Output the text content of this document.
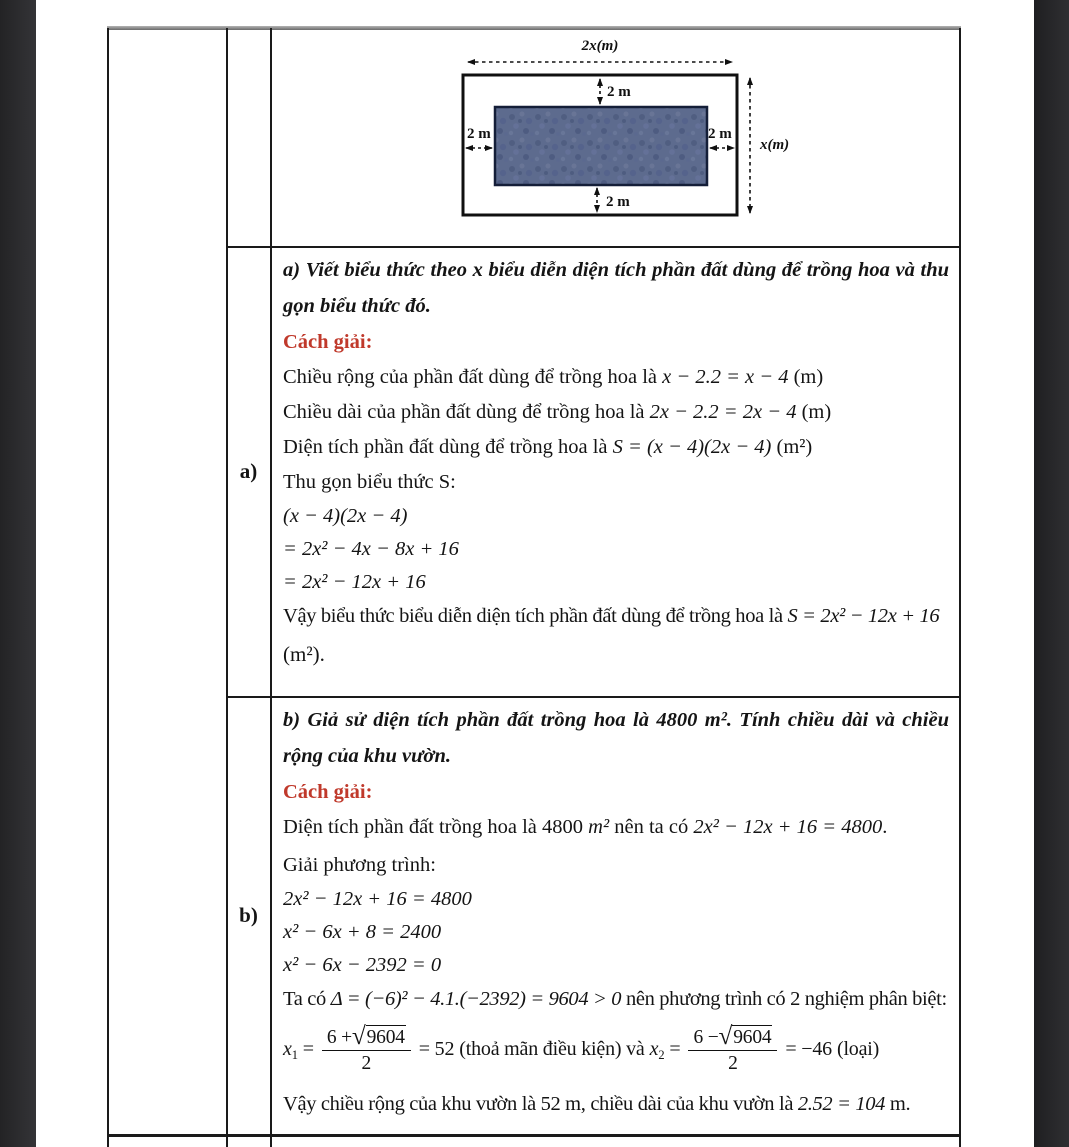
2x(m)
2 m
2 m	2 m
2 m
x(m)
a)
b)

a) Viết biểu thức theo x biểu diễn diện tích phần đất dùng để trồng hoa và thu gọn biểu thức đó.

Cách giải:

Chiều rộng của phần đất dùng để trồng hoa là x − 2.2 = x − 4 (m)

Chiều dài của phần đất dùng để trồng hoa là 2x − 2.2 = 2x − 4 (m)

Diện tích phần đất dùng để trồng hoa là S = (x − 4)(2x − 4) (m²)

Thu gọn biểu thức S:

(x − 4)(2x − 4)

= 2x² − 4x − 8x + 16

= 2x² − 12x + 16

Vậy biểu thức biểu diễn diện tích phần đất dùng để trồng hoa là S = 2x² − 12x + 16

(m²).

b) Giả sử diện tích phần đất trồng hoa là 4800 m². Tính chiều dài và chiều rộng của khu vườn.

Cách giải:

Diện tích phần đất trồng hoa là 4800 m² nên ta có 2x² − 12x + 16 = 4800.

Giải phương trình:

2x² − 12x + 16 = 4800

x² − 6x + 8 = 2400

x² − 6x − 2392 = 0

Ta có Δ = (−6)² − 4.1.(−2392) = 9604 > 0 nên phương trình có 2 nghiệm phân biệt:

$x_1 = \frac{6 + √ 9604}{2} = 52$ (thoả mãn điều kiện) và $x_2 = \frac{6 - √ 9604}{2} = -46$ (loại)

Vậy chiều rộng của khu vườn là 52 m, chiều dài của khu vườn là 2.52 = 104 m.
